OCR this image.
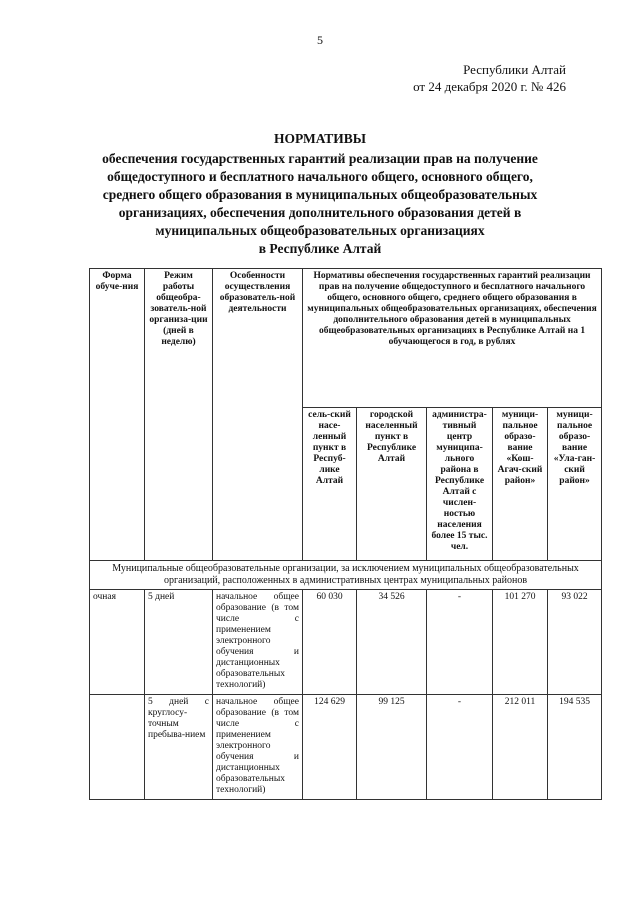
5
Республики Алтай
от 24 декабря 2020 г. № 426
НОРМАТИВЫ
обеспечения государственных гарантий реализации прав на получение
общедоступного и бесплатного начального общего, основного общего,
среднего общего образования в муниципальных общеобразовательных
организациях, обеспечения дополнительного образования детей в
муниципальных общеобразовательных организациях
в Республике Алтай
Форма обуче-ния	Режим работы общеобра-зователь-ной организа-ции (дней в неделю)	Особенности осуществления образователь-ной деятельности	Нормативы обеспечения государственных гарантий реализации прав на получение общедоступного и бесплатного начального общего, основного общего, среднего общего образования в муниципальных общеобразовательных организациях, обеспечения дополнительного образования детей в муниципальных общеобразовательных организациях в Республике Алтай на 1 обучающегося в год, в рублях				
			сель-ский насе-ленный пункт в Респуб-лике Алтай	городской населенный пункт в Республике Алтай	администра-тивный центр муниципа-льного района в Республике Алтай с числен-ностью населения более 15 тыс. чел.	муници-пальное образо-вание «Кош-Агач-ский район»	муници-пальное образо-вание «Ула-ган-ский район»
Муниципальные общеобразовательные организации, за исключением муниципальных общеобразовательных организаций, расположенных в административных центрах муниципальных районов							
очная	5 дней	начальное общее образование (в том числе с применением электронного обучения и дистанционных образовательных технологий)	60 030	34 526	-	101 270	93 022
	5 дней с круглосу-точным пребыва-нием	начальное общее образование (в том числе с применением электронного обучения и дистанционных образовательных технологий)	124 629	99 125	-	212 011	194 535
